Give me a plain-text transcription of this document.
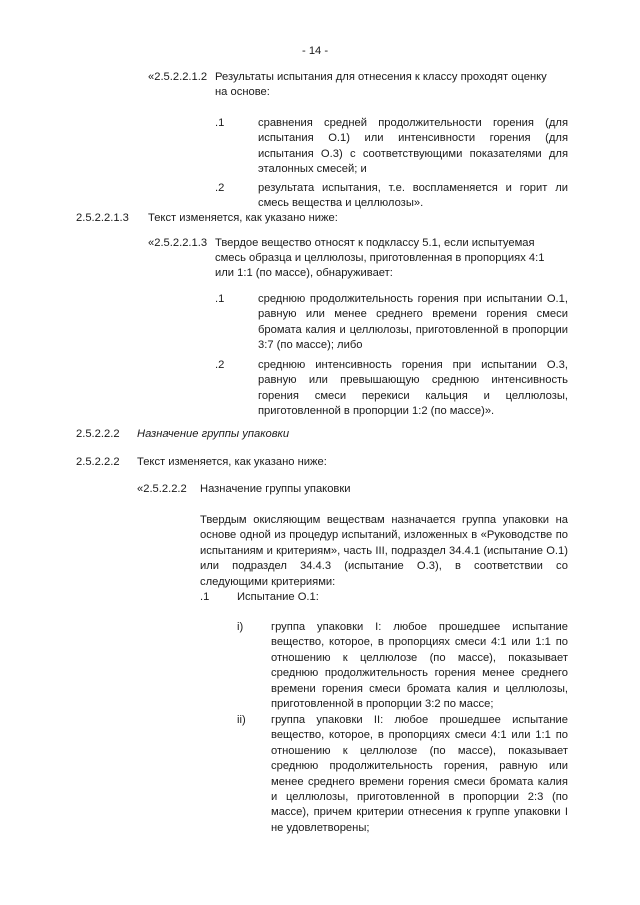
- 14 -
«2.5.2.2.1.2 Результаты испытания для отнесения к классу проходят оценку
на основе:
.1	сравнения средней продолжительности горения (для испытания О.1) или интенсивности горения (для испытания О.3) с соответствующими показателями для эталонных смесей; и
.2	результата испытания, т.е. воспламеняется и горит ли смесь вещества и целлюлозы».
2.5.2.2.1.3 Текст изменяется, как указано ниже:
«2.5.2.2.1.3 Твердое вещество относят к подклассу 5.1, если испытуемая
смесь образца и целлюлозы, приготовленная в пропорциях 4:1
или 1:1 (по массе), обнаруживает:
.1	среднюю продолжительность горения при испытании О.1, равную или менее среднего времени горения смеси бромата калия и целлюлозы, приготовленной в пропорции 3:7 (по массе); либо
.2	среднюю интенсивность горения при испытании О.3, равную или превышающую среднюю интенсивность горения смеси перекиси кальция и целлюлозы, приготовленной в пропорции 1:2 (по массе)».
2.5.2.2.2 Назначение группы упаковки
2.5.2.2.2 Текст изменяется, как указано ниже:
«2.5.2.2.2 Назначение группы упаковки
Твердым окисляющим веществам назначается группа упаковки на основе одной из процедур испытаний, изложенных в «Руководстве по испытаниям и критериям», часть III, подраздел 34.4.1 (испытание О.1) или подраздел 34.4.3 (испытание О.3), в соответствии со следующими критериями:
.1 Испытание О.1:
i) группа упаковки I: любое прошедшее испытание вещество, которое, в пропорциях смеси 4:1 или 1:1 по отношению к целлюлозе (по массе), показывает среднюю продолжительность горения менее среднего времени горения смеси бромата калия и целлюлозы, приготовленной в пропорции 3:2 по массе;
ii) группа упаковки II: любое прошедшее испытание вещество, которое, в пропорциях смеси 4:1 или 1:1 по отношению к целлюлозе (по массе), показывает среднюю продолжительность горения, равную или менее среднего времени горения смеси бромата калия и целлюлозы, приготовленной в пропорции 2:3 (по массе), причем критерии отнесения к группе упаковки I не удовлетворены;
